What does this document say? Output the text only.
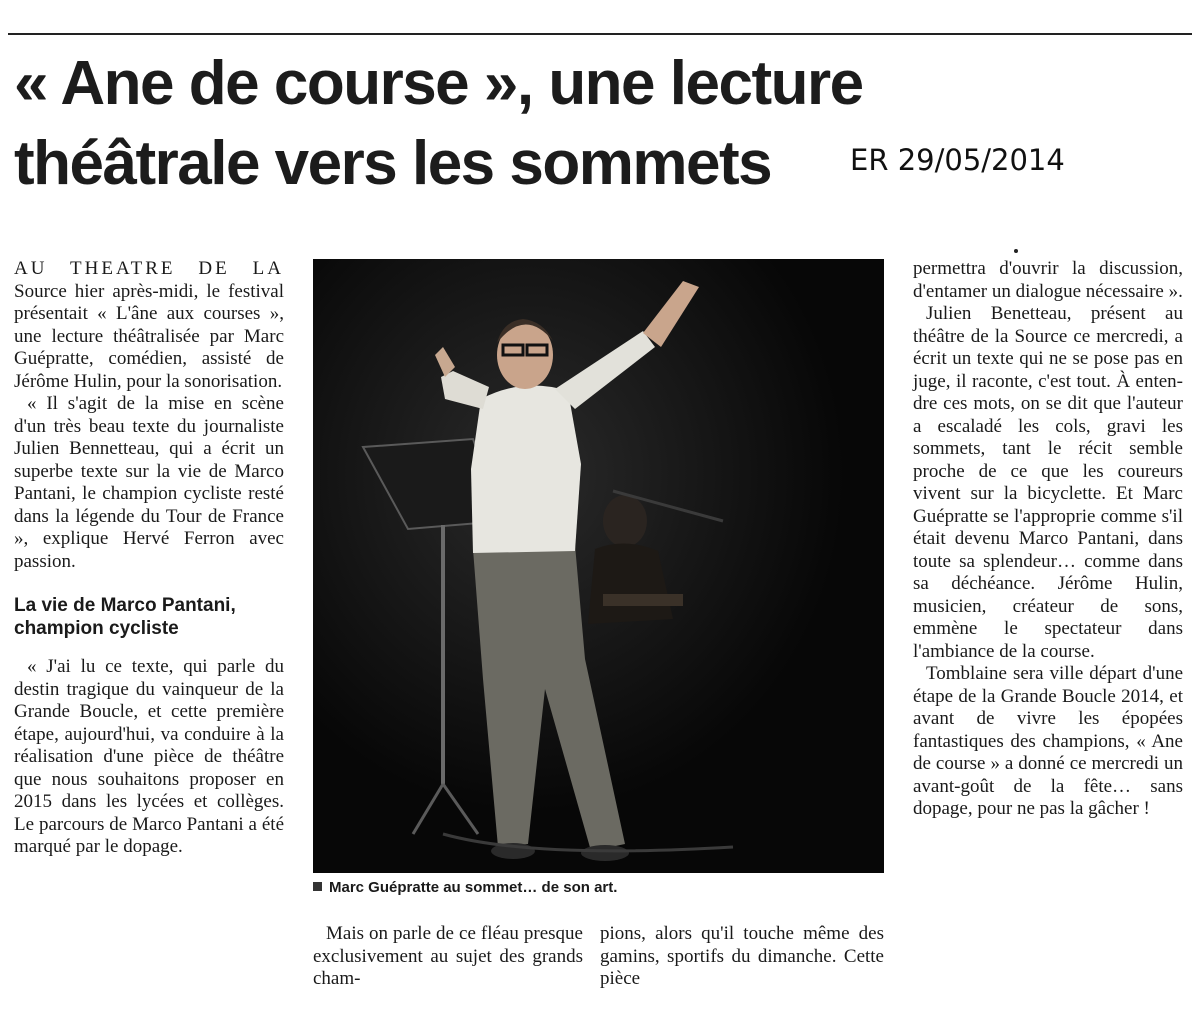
« Ane de course », une lecture théâtrale vers les sommets	ER 29/05/2014

AU THEATRE DE LA Source hier après-midi, le festival présentait « L'âne aux courses », une lecture théâtralisée par Marc Guépratte, comédien, assisté de Jérôme Hulin, pour la sonorisation.

« Il s'agit de la mise en scène d'un très beau texte du journaliste Julien Bennetteau, qui a écrit un superbe texte sur la vie de Marco Pantani, le champion cycliste resté dans la légende du Tour de France », explique Hervé Ferron avec passion.

La vie de Marco Pantani, champion cycliste

« J'ai lu ce texte, qui parle du destin tragique du vainqueur de la Grande Boucle, et cette première étape, aujourd'hui, va conduire à la réalisation d'une pièce de théâtre que nous souhaitons proposer en 2015 dans les lycées et collèges. Le parcours de Marco Pantani a été marqué par le dopage.

Marc Guépratte au sommet… de son art.

Mais on parle de ce fléau presque exclusivement au sujet des grands cham-

pions, alors qu'il touche même des gamins, sportifs du dimanche. Cette pièce

permettra d'ouvrir la discussion, d'entamer un dialogue nécessaire ».

Julien Benetteau, présent au théâtre de la Source ce mercredi, a écrit un texte qui ne se pose pas en juge, il raconte, c'est tout. À entendre ces mots, on se dit que l'auteur a escaladé les cols, gravi les sommets, tant le récit semble proche de ce que les coureurs vivent sur la bicyclette. Et Marc Guépratte se l'approprie comme s'il était devenu Marco Pantani, dans toute sa splendeur… comme dans sa déchéance. Jérôme Hulin, musicien, créateur de sons, emmène le spectateur dans l'ambiance de la course.

Tomblaine sera ville départ d'une étape de la Grande Boucle 2014, et avant de vivre les épopées fantastiques des champions, « Ane de course » a donné ce mercredi un avant-goût de la fête… sans dopage, pour ne pas la gâcher !
